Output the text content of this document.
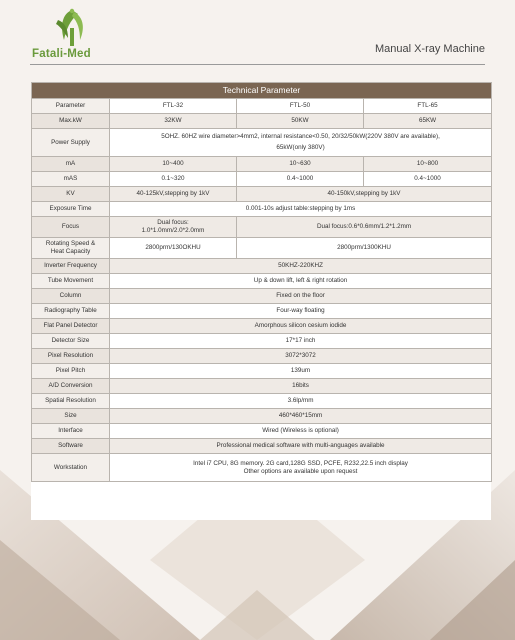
Fatali-Med	Manual X-ray Machine
Technical Parameter			
Parameter	FTL-32	FTL-50	FTL-65
Max.kW	32KW	50KW	65KW
Power Supply	5OHZ. 60HZ wire diameter>4mm2, internal resistance<0.50, 20/32/50kW(220V 380V are available),
65kW(only 380V)		

mA	10~400	10~630	10~800
mAS	0.1~320	0.4~1000	0.4~1000
KV	40-125kV,stepping by 1kV	40-150kV,stepping by 1kV	
Exposure Time	0.001-10s adjust table:stepping by 1ms		
Focus	Dual focus:
1.0*1.0mm/2.0*2.0mm	Dual focus:0.6*0.6mm/1.2*1.2mm	

Rotating Speed &
Heat Capacity	2800prm/130OKHU	2800prm/1300KHU	
Inverter Frequency	50KHZ-220KHZ		
Tube Movement	Up & down lift, left & right rotation		
Column	Fixed on the floor		
Radiography Table	Four-way floating		
Flat Panel Detector	Amorphous silicon cesium iodide		
Detector Size	17*17 inch		
Pixel Resolution	3072*3072		
Pixel Pitch	139um		
A/D Conversion	16bits		
Spatial Resolution	3.6lp/mm		
Size	460*460*15mm		
Interface	Wired (Wireless is optional)		
Software	Professional medical software with multi-anguages available		
Workstation	Intel i7 CPU, 8G memory. 2G card,128G SSD, PCFE, R232,22.5 inch display
Other options are available upon request		
